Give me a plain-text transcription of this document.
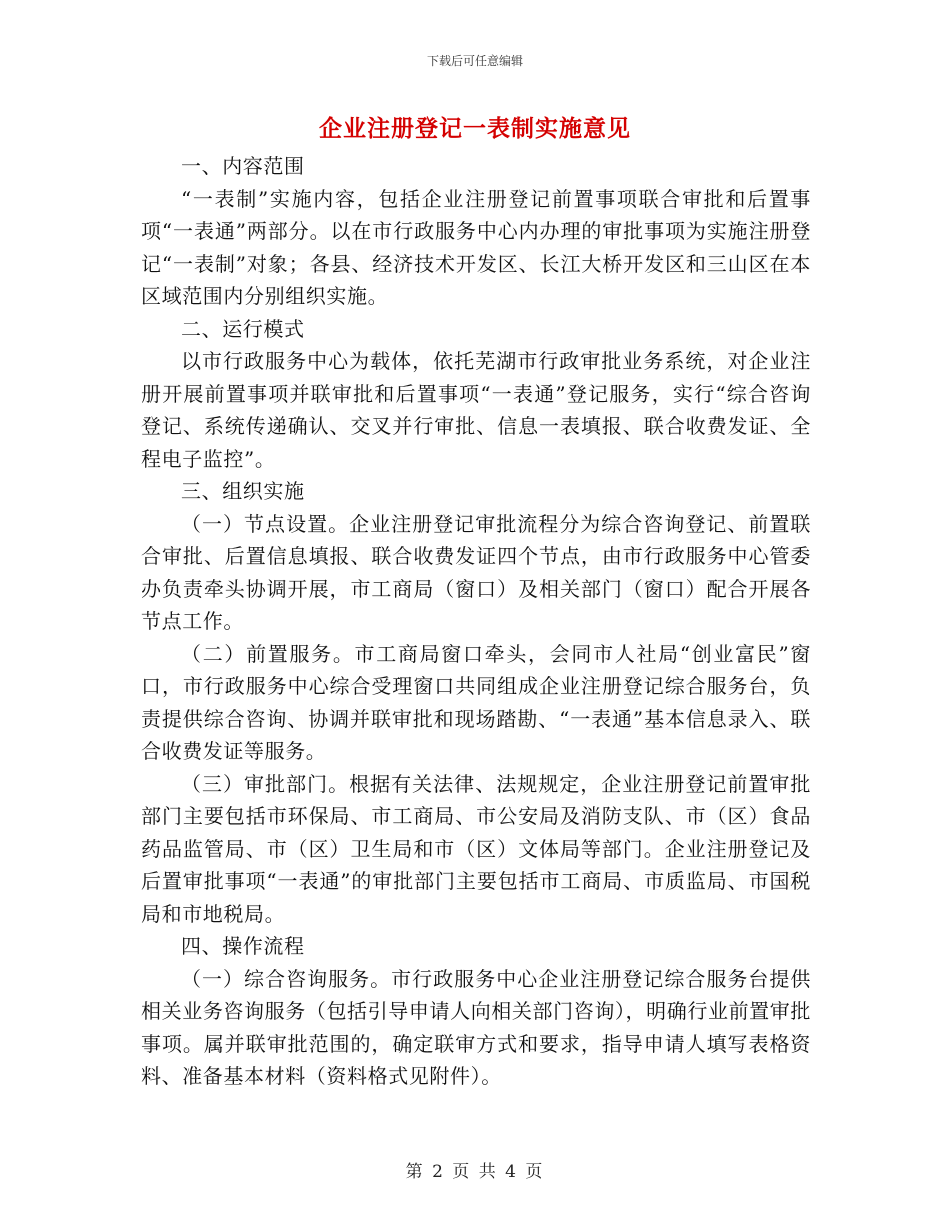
下载后可任意编辑
企业注册登记一表制实施意见

一、内容范围

“一表制”实施内容，包括企业注册登记前置事项联合审批和后置事项“一表通”两部分。以在市行政服务中心内办理的审批事项为实施注册登记“一表制”对象；各县、经济技术开发区、长江大桥开发区和三山区在本区域范围内分别组织实施。

二、运行模式

以市行政服务中心为载体，依托芜湖市行政审批业务系统，对企业注册开展前置事项并联审批和后置事项“一表通”登记服务，实行“综合咨询登记、系统传递确认、交叉并行审批、信息一表填报、联合收费发证、全程电子监控”。

三、组织实施

（一）节点设置。企业注册登记审批流程分为综合咨询登记、前置联合审批、后置信息填报、联合收费发证四个节点，由市行政服务中心管委办负责牵头协调开展，市工商局（窗口）及相关部门（窗口）配合开展各节点工作。

（二）前置服务。市工商局窗口牵头，会同市人社局“创业富民”窗口，市行政服务中心综合受理窗口共同组成企业注册登记综合服务台，负责提供综合咨询、协调并联审批和现场踏勘、“一表通”基本信息录入、联合收费发证等服务。

（三）审批部门。根据有关法律、法规规定，企业注册登记前置审批部门主要包括市环保局、市工商局、市公安局及消防支队、市（区）食品药品监管局、市（区）卫生局和市（区）文体局等部门。企业注册登记及后置审批事项“一表通”的审批部门主要包括市工商局、市质监局、市国税局和市地税局。

四、操作流程

（一）综合咨询服务。市行政服务中心企业注册登记综合服务台提供相关业务咨询服务（包括引导申请人向相关部门咨询），明确行业前置审批事项。属并联审批范围的，确定联审方式和要求，指导申请人填写表格资料、准备基本材料（资料格式见附件）。

第 2 页 共 4 页
